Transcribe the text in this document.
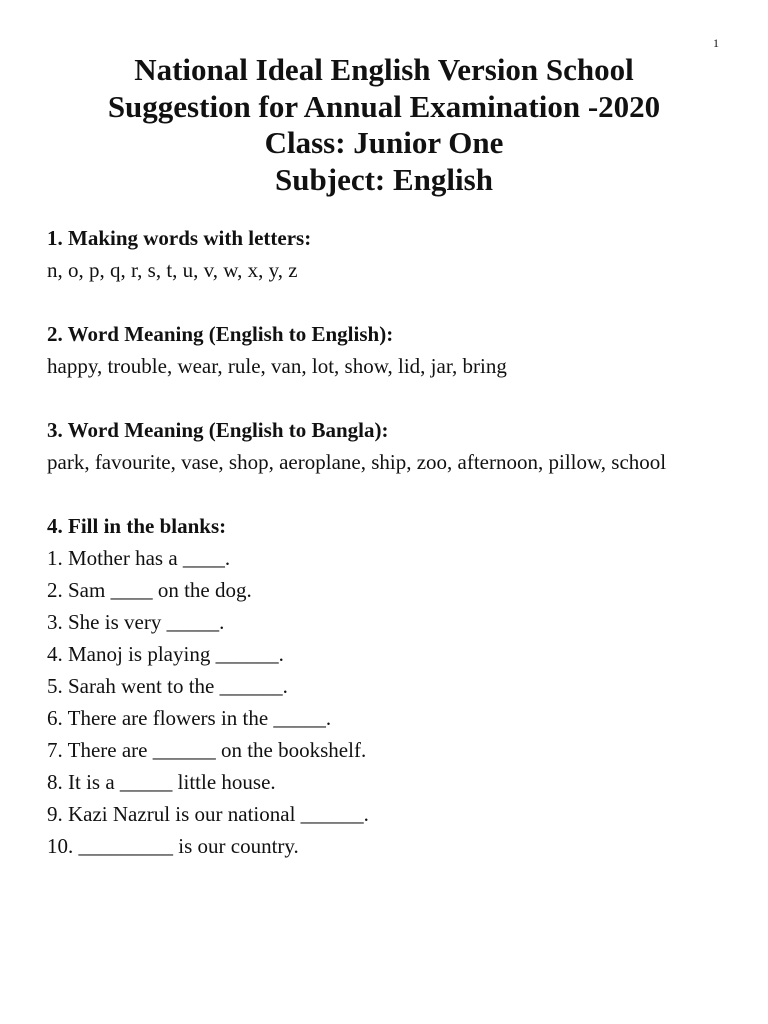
1
National Ideal English Version School
Suggestion for Annual Examination -2020
Class: Junior One
Subject: English
1. Making words with letters:
n, o, p, q, r, s, t, u, v, w, x, y, z
2. Word Meaning (English to English):
happy, trouble, wear, rule, van, lot, show, lid, jar, bring
3. Word Meaning (English to Bangla):
park, favourite, vase, shop, aeroplane, ship, zoo, afternoon, pillow, school
4. Fill in the blanks:
1. Mother has a ____.
2. Sam ____ on the dog.
3. She is very _____.
4. Manoj is playing ______.
5. Sarah went to the ______.
6. There are flowers in the _____.
7. There are ______ on the bookshelf.
8. It is a _____ little house.
9. Kazi Nazrul is our national ______.
10. _________ is our country.
